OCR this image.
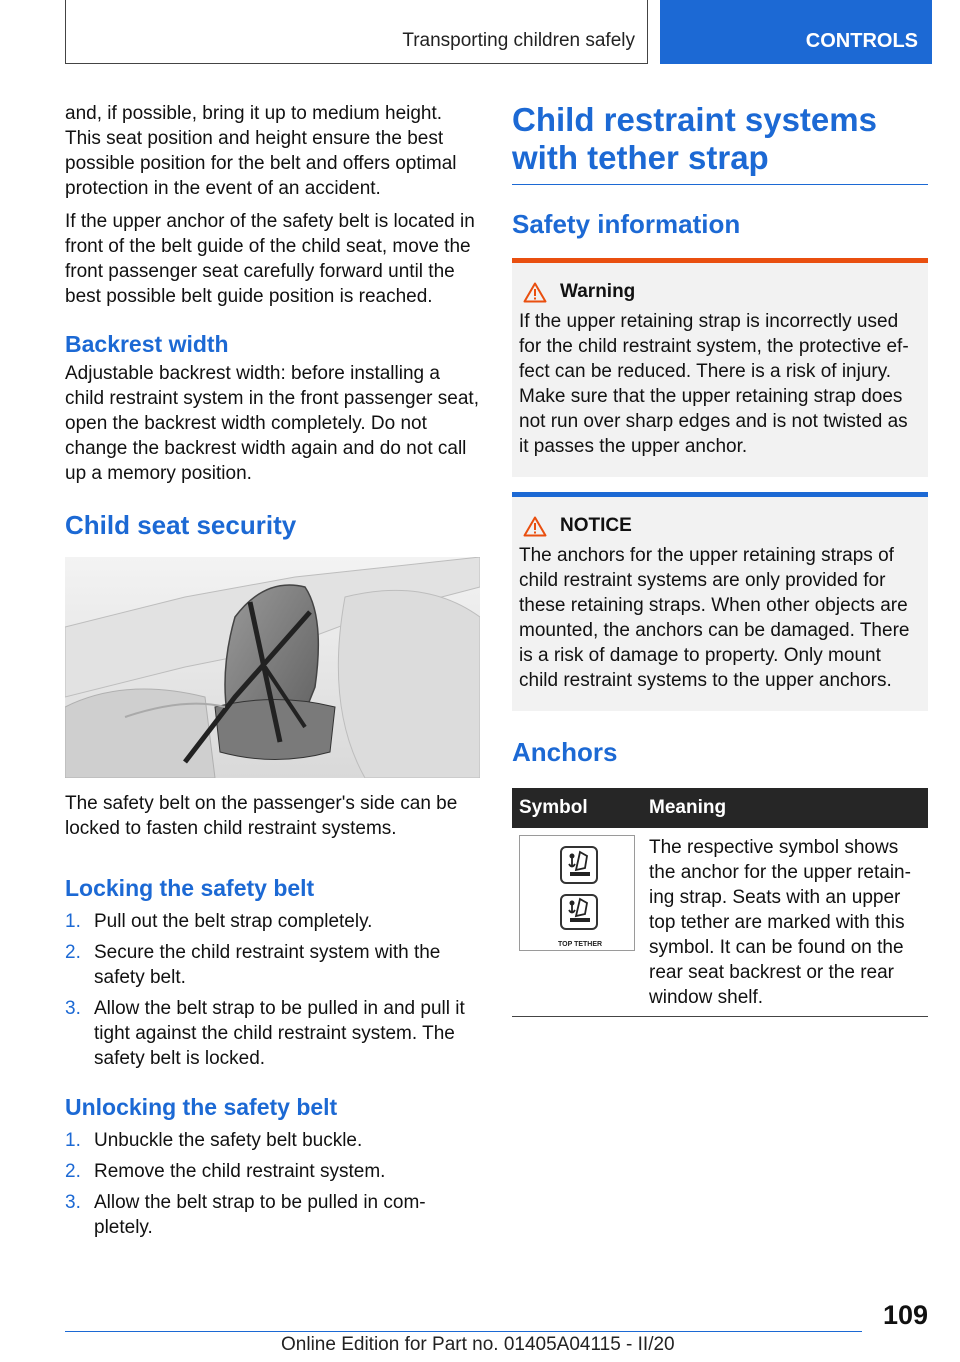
Transporting children safely	CONTROLS

and, if possible, bring it up to medium height. This seat position and height ensure the best possible position for the belt and offers optimal protection in the event of an accident.

If the upper anchor of the safety belt is located in front of the belt guide of the child seat, move the front passenger seat carefully forward until the best possible belt guide position is reached.

Backrest width

Adjustable backrest width: before installing a child restraint system in the front passenger seat, open the backrest width completely. Do not change the backrest width again and do not call up a memory position.

Child seat security

The safety belt on the passenger's side can be locked to fasten child restraint systems.

Locking the safety belt
1. Pull out the belt strap completely.
2. Secure the child restraint system with the safety belt.
3. Allow the belt strap to be pulled in and pull it tight against the child restraint system. The safety belt is locked.
Unlocking the safety belt
1. Unbuckle the safety belt buckle.
2. Remove the child restraint system.
3. Allow the belt strap to be pulled in com-pletely.
Child restraint systems with tether strap
Safety information
Warning

If the upper retaining strap is incorrectly used for the child restraint system, the protective ef-fect can be reduced. There is a risk of injury. Make sure that the upper retaining strap does not run over sharp edges and is not twisted as it passes the upper anchor.

NOTICE

The anchors for the upper retaining straps of child restraint systems are only provided for these retaining straps. When other objects are mounted, the anchors can be damaged. There is a risk of damage to property. Only mount child restraint systems to the upper anchors.

Anchors
Symbol	Meaning

TOP TETHER	The respective symbol shows the anchor for the upper retain-ing strap. Seats with an upper top tether are marked with this symbol. It can be found on the rear seat backrest or the rear window shelf.
109
Online Edition for Part no. 01405A04115 - II/20
